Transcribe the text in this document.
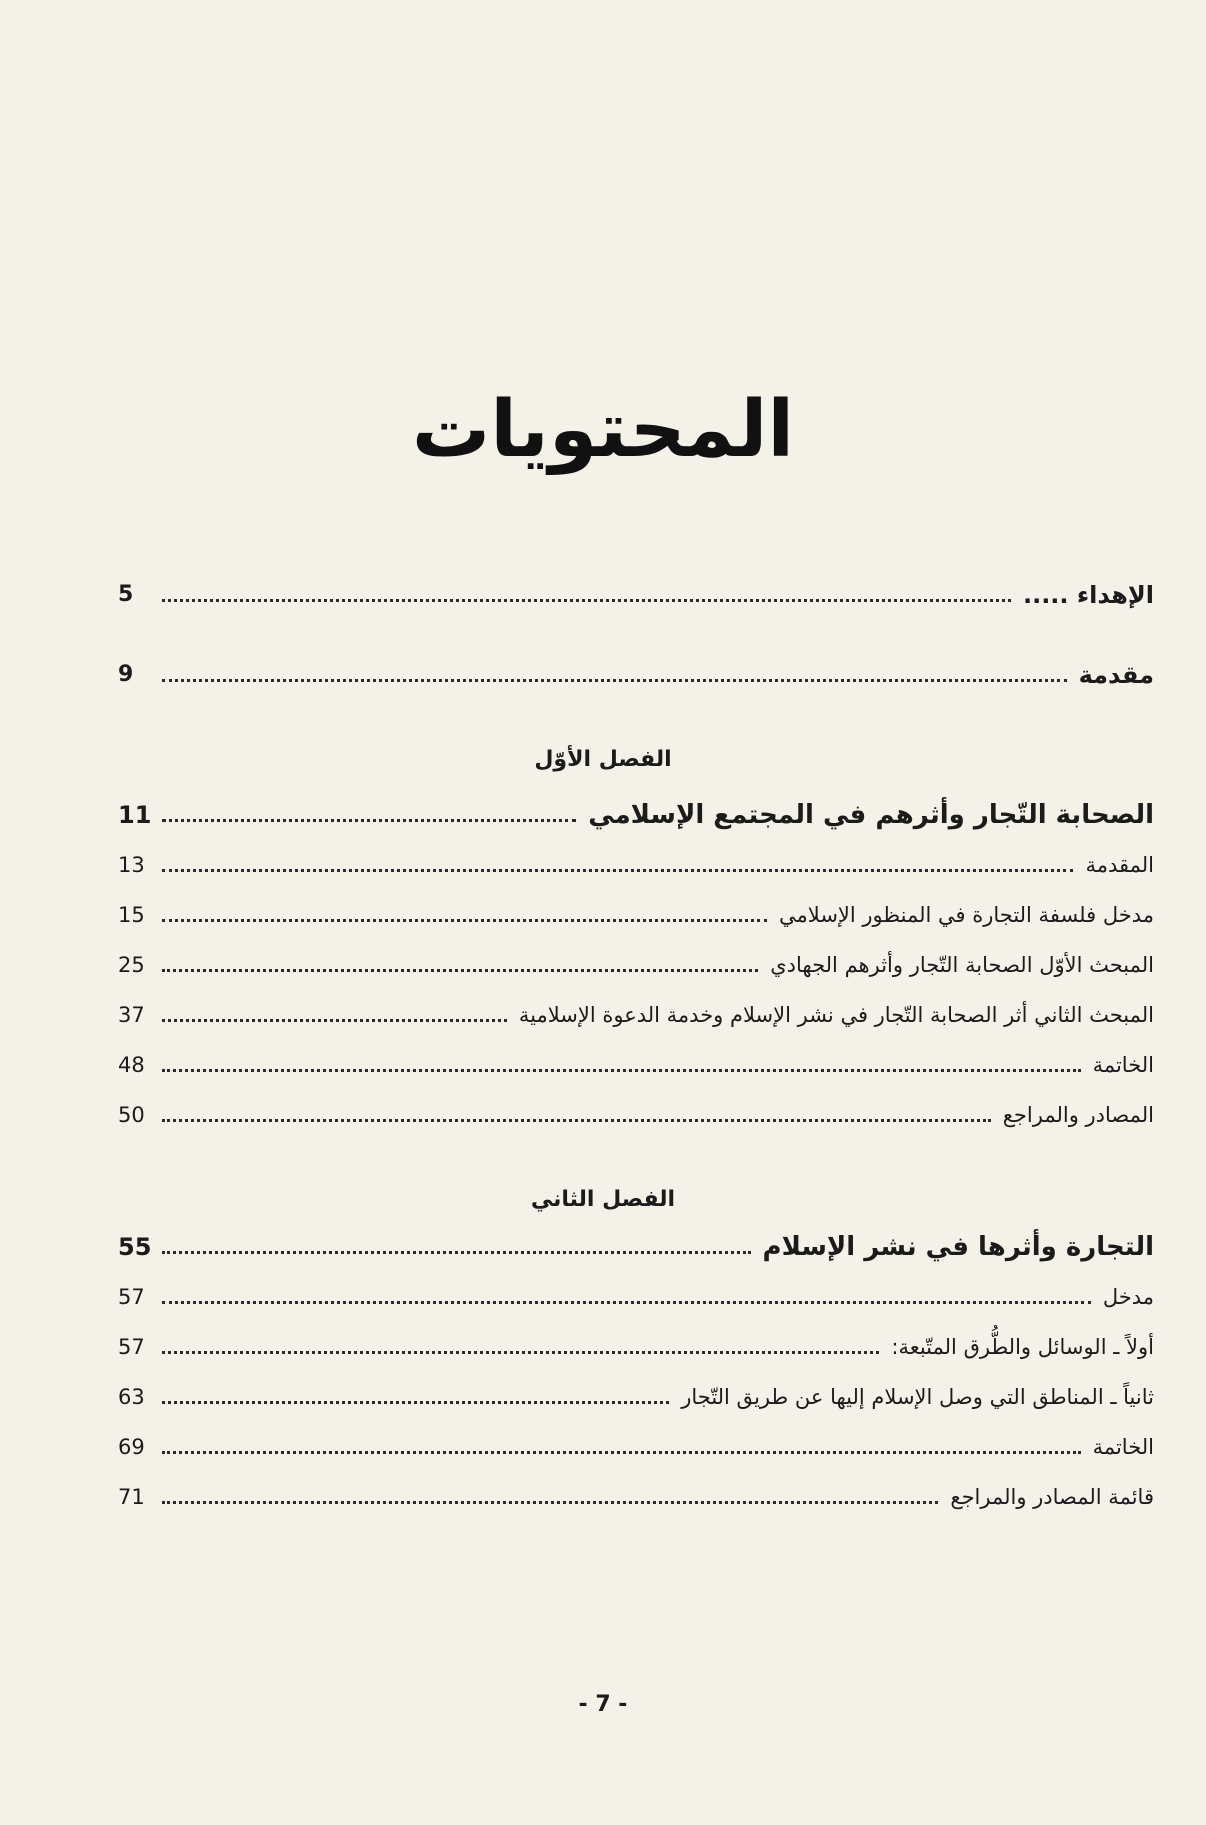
المحتويات
الإهداء .....
5
مقدمة
9
الصحابة التّجار وأثرهم في المجتمع الإسلامي
11
المقدمة
13
مدخل فلسفة التجارة في المنظور الإسلامي
15
المبحث الأوّل الصحابة التّجار وأثرهم الجهادي
25
المبحث الثاني أثر الصحابة التّجار في نشر الإسلام وخدمة الدعوة الإسلامية
37
الخاتمة
48
المصادر والمراجع
50
التجارة وأثرها في نشر الإسلام
55
مدخل
57
أولاً ـ الوسائل والطُّرق المتّبعة:
57
ثانياً ـ المناطق التي وصل الإسلام إليها عن طريق التّجار
63
الخاتمة
69
قائمة المصادر والمراجع
71
الفصل الأوّل
الفصل الثاني
- 7 -
